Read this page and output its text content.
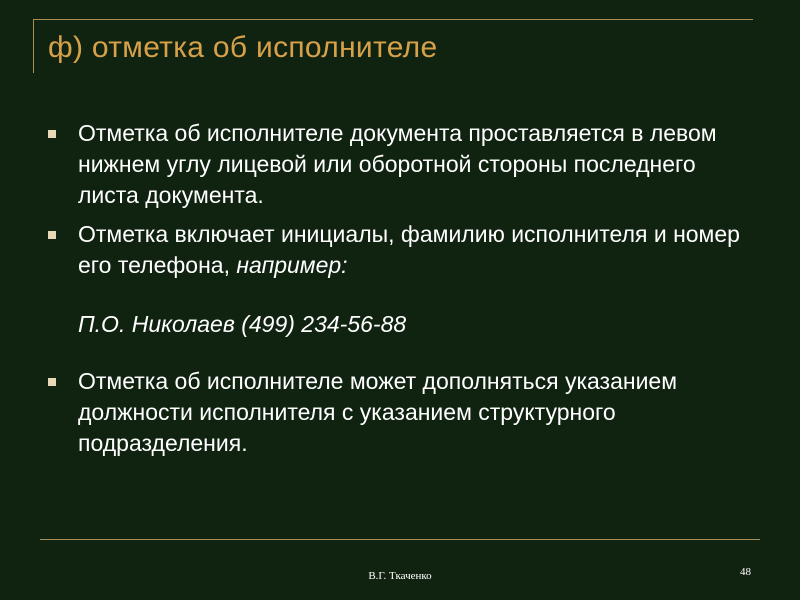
ф) отметка об исполнителе

Отметка об исполнителе документа проставляется в левом нижнем углу лицевой или оборотной стороны последнего листа документа.

Отметка включает инициалы, фамилию исполнителя и номер его телефона, например:

П.О. Николаев (499) 234-56-88

Отметка об исполнителе может дополняться указанием должности исполнителя с указанием структурного подразделения.

В.Г. Ткаченко	48
